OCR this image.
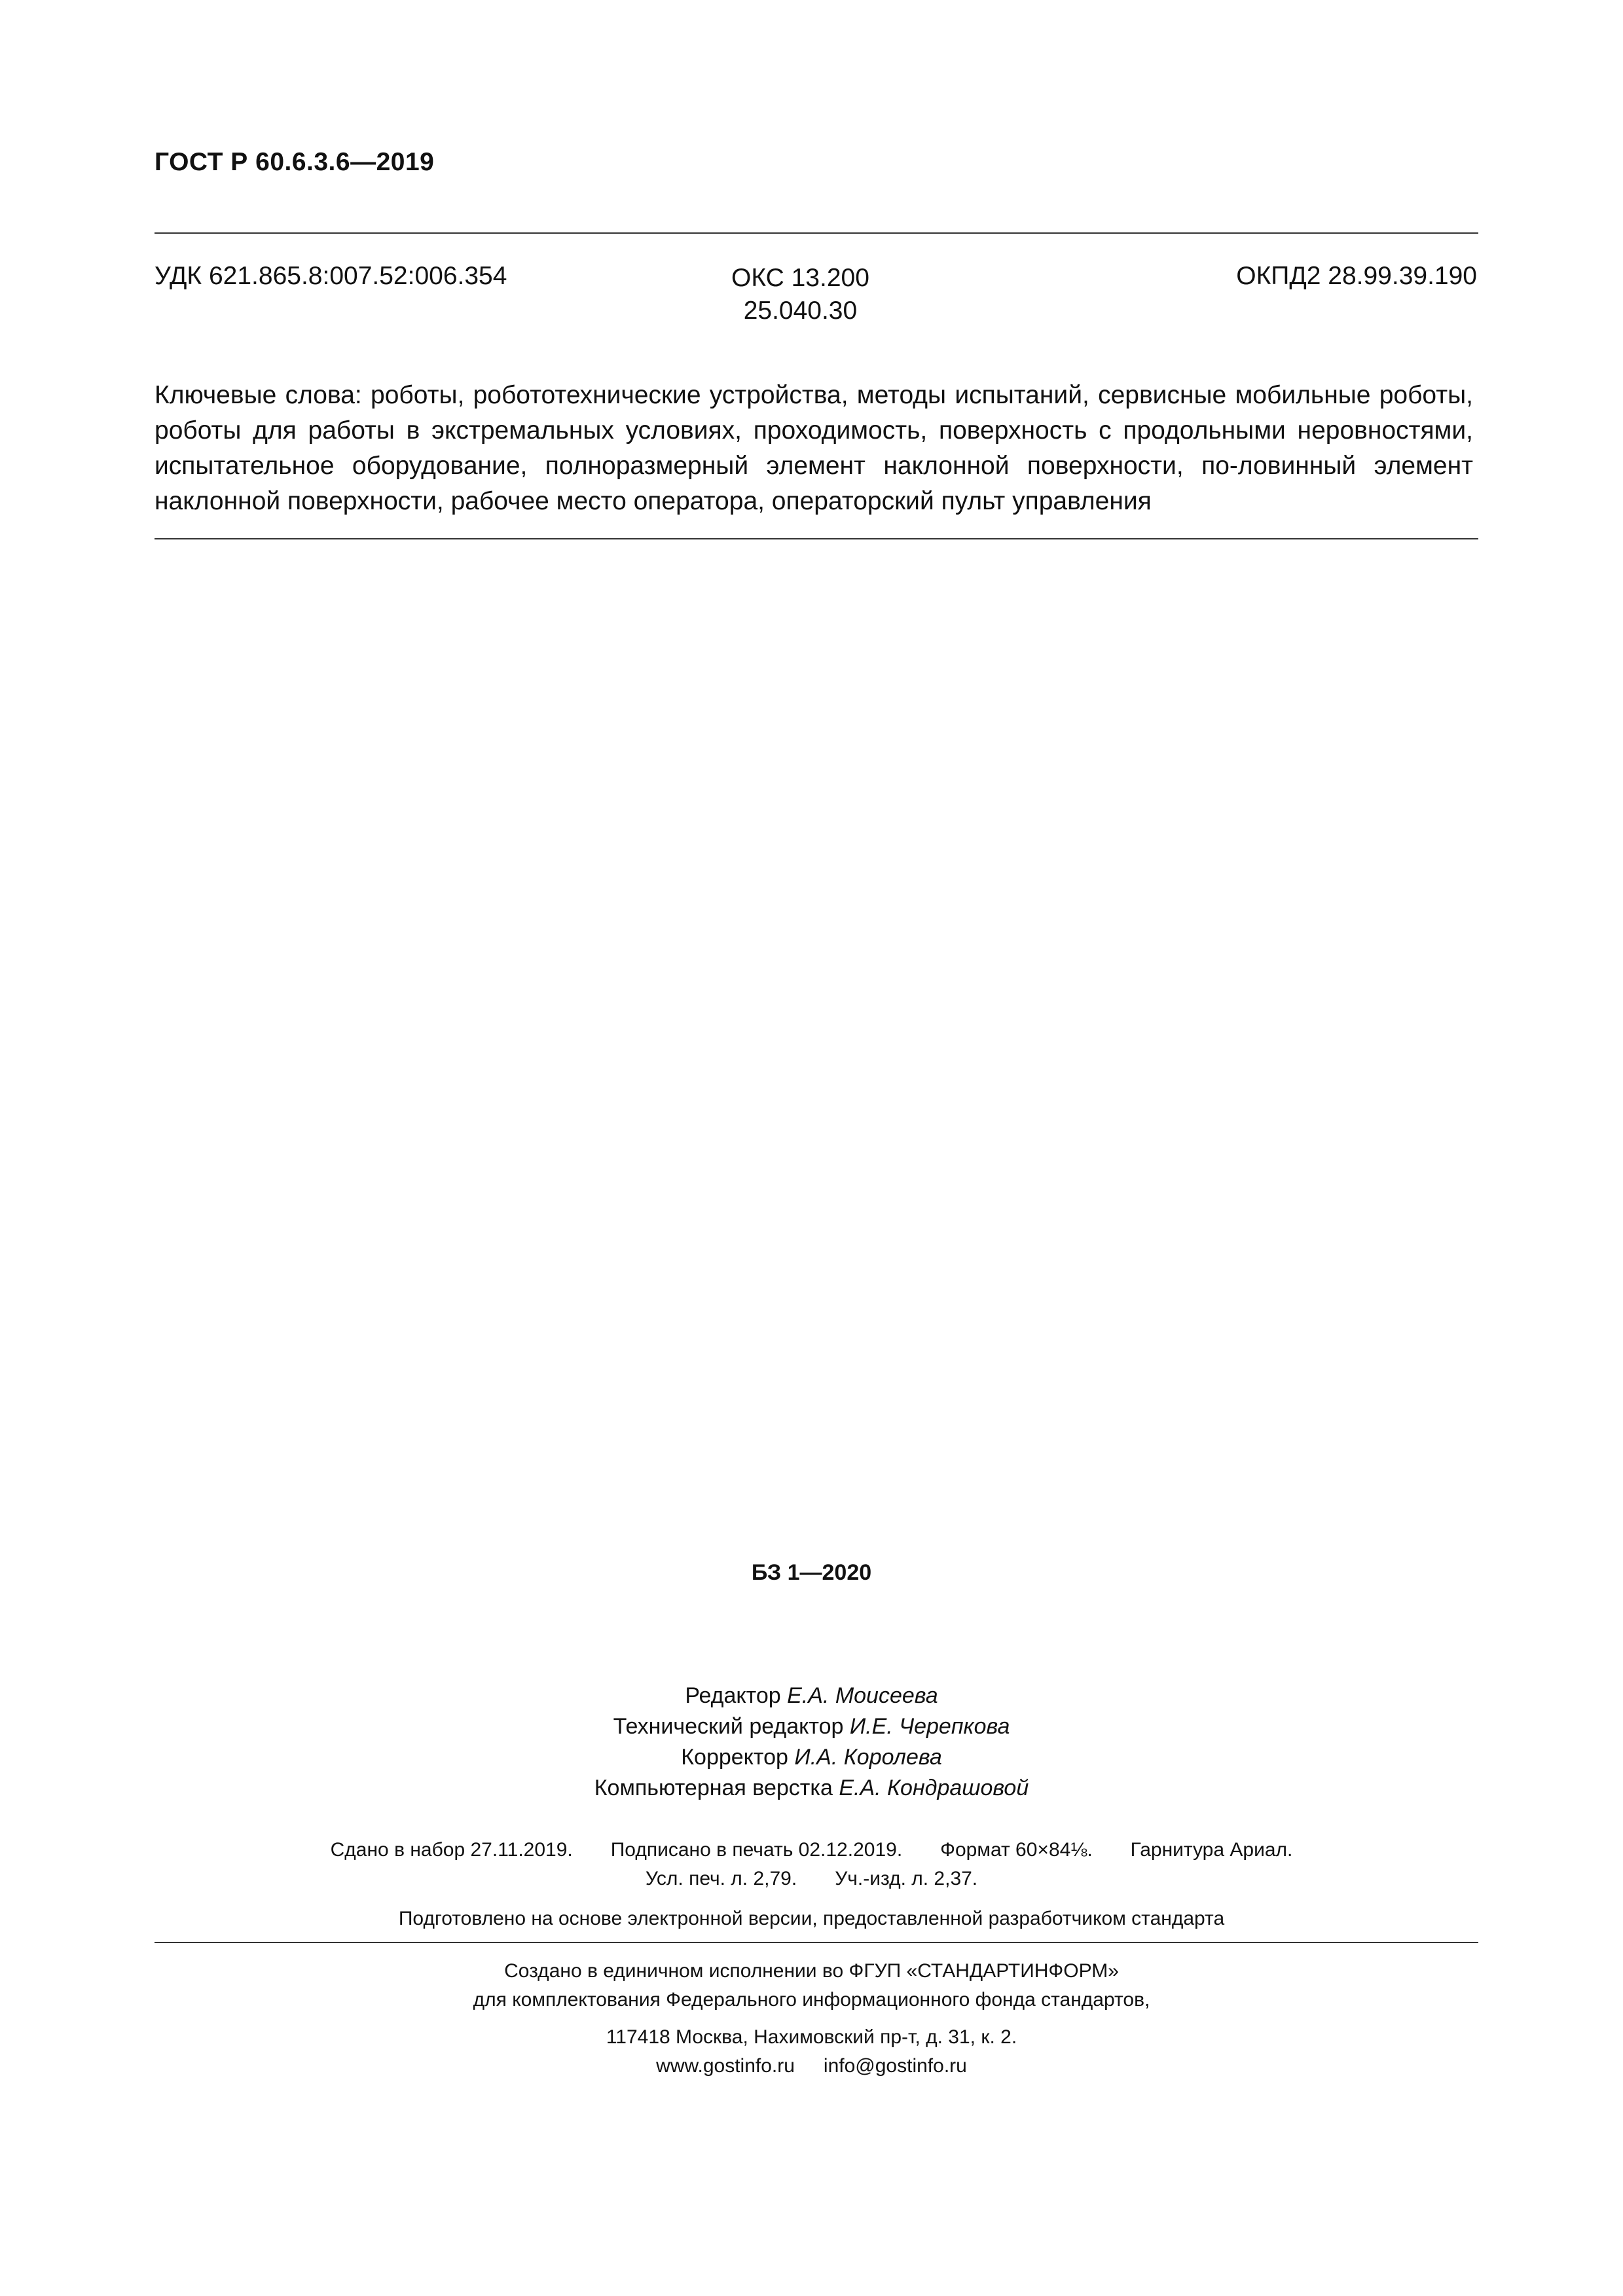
ГОСТ Р 60.6.3.6—2019
УДК 621.865.8:007.52:006.354	ОКС 13.200
25.040.30
ОКПД2 28.99.39.190
Ключевые слова: роботы, робототехнические устройства, методы испытаний, сервисные мобильные роботы, роботы для работы в экстремальных условиях, проходимость, поверхность с продольными неровностями, испытательное оборудование, полноразмерный элемент наклонной поверхности, по-ловинный элемент наклонной поверхности, рабочее место оператора, операторский пульт управления
БЗ 1—2020
Редактор Е.А. Моисеева
Технический редактор И.Е. Черепкова
Корректор И.А. Королева
Компьютерная верстка Е.А. Кондрашовой
Сдано в набор 27.11.2019. Подписано в печать 02.12.2019. Формат 60×84⅛. Гарнитура Ариал.
Усл. печ. л. 2,79. Уч.-изд. л. 2,37.
Подготовлено на основе электронной версии, предоставленной разработчиком стандарта
Создано в единичном исполнении во ФГУП «СТАНДАРТИНФОРМ»
для комплектования Федерального информационного фонда стандартов,
117418 Москва, Нахимовский пр-т, д. 31, к. 2.
www.gostinfo.ru info@gostinfo.ru
